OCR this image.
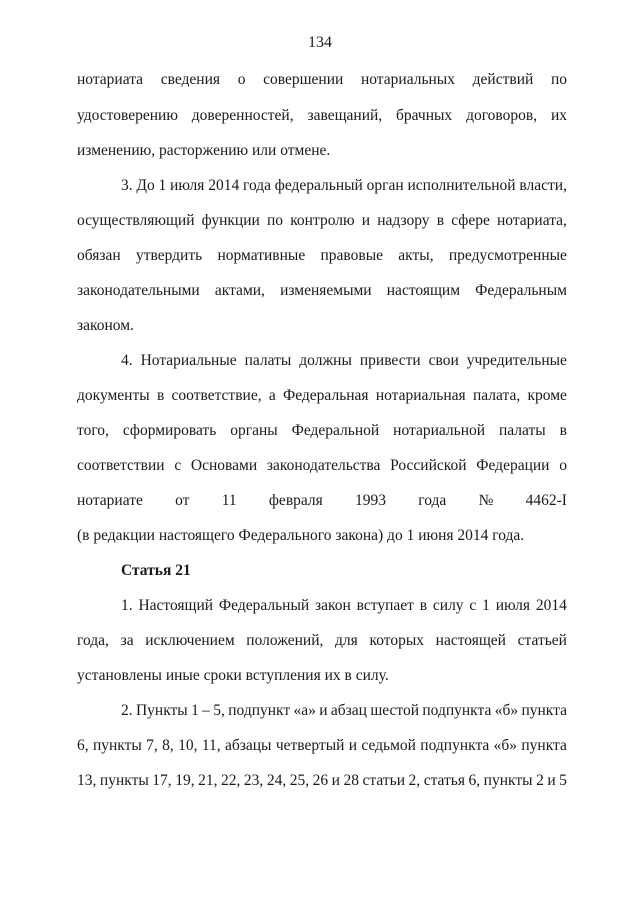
134
нотариата сведения о совершении нотариальных действий по
удостоверению доверенностей, завещаний, брачных договоров, их
изменению, расторжению или отмене.
3. До 1 июля 2014 года федеральный орган исполнительной власти,
осуществляющий функции по контролю и надзору в сфере нотариата,
обязан утвердить нормативные правовые акты, предусмотренные
законодательными актами, изменяемыми настоящим Федеральным
законом.
4. Нотариальные палаты должны привести свои учредительные
документы в соответствие, а Федеральная нотариальная палата, кроме
того, сформировать органы Федеральной нотариальной палаты в
соответствии с Основами законодательства Российской Федерации о
нотариате от 11 февраля 1993 года № 4462-I
(в редакции настоящего Федерального закона) до 1 июня 2014 года.
Статья 21
1. Настоящий Федеральный закон вступает в силу с 1 июля 2014
года, за исключением положений, для которых настоящей статьей
установлены иные сроки вступления их в силу.
2. Пункты 1 – 5, подпункт «а» и абзац шестой подпункта «б» пункта
6, пункты 7, 8, 10, 11, абзацы четвертый и седьмой подпункта «б» пункта
13, пункты 17, 19, 21, 22, 23, 24, 25, 26 и 28 статьи 2, статья 6, пункты 2 и 5
